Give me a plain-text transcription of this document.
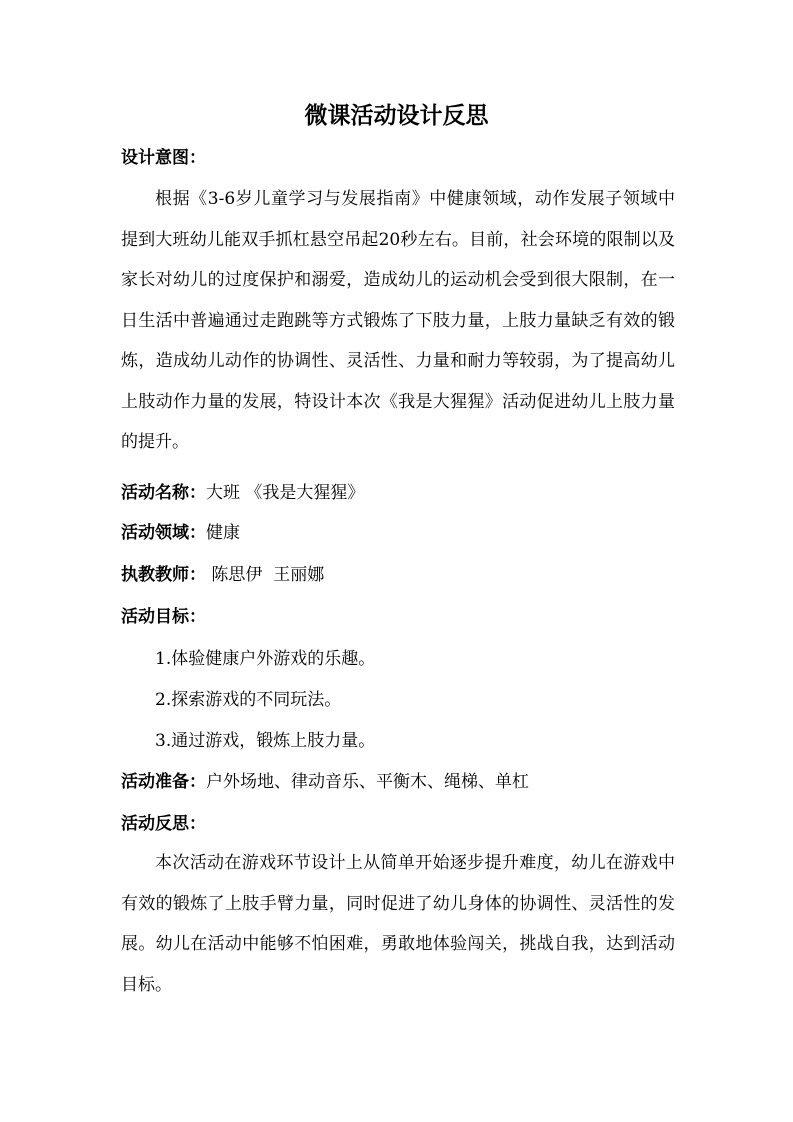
微课活动设计反思
设计意图：

根据《3-6岁儿童学习与发展指南》中健康领域，动作发展子领域中提到大班幼儿能双手抓杠悬空吊起20秒左右。目前，社会环境的限制以及家长对幼儿的过度保护和溺爱，造成幼儿的运动机会受到很大限制，在一日生活中普遍通过走跑跳等方式锻炼了下肢力量，上肢力量缺乏有效的锻炼，造成幼儿动作的协调性、灵活性、力量和耐力等较弱，为了提高幼儿上肢动作力量的发展，特设计本次《我是大猩猩》活动促进幼儿上肢力量的提升。

活动名称：大班 《我是大猩猩》
活动领域：健康
执教教师： 陈思伊  王丽娜
活动目标：
1.体验健康户外游戏的乐趣。
2.探索游戏的不同玩法。
3.通过游戏，锻炼上肢力量。
活动准备：户外场地、律动音乐、平衡木、绳梯、单杠
活动反思：

本次活动在游戏环节设计上从简单开始逐步提升难度，幼儿在游戏中有效的锻炼了上肢手臂力量，同时促进了幼儿身体的协调性、灵活性的发展。幼儿在活动中能够不怕困难，勇敢地体验闯关，挑战自我，达到活动目标。
